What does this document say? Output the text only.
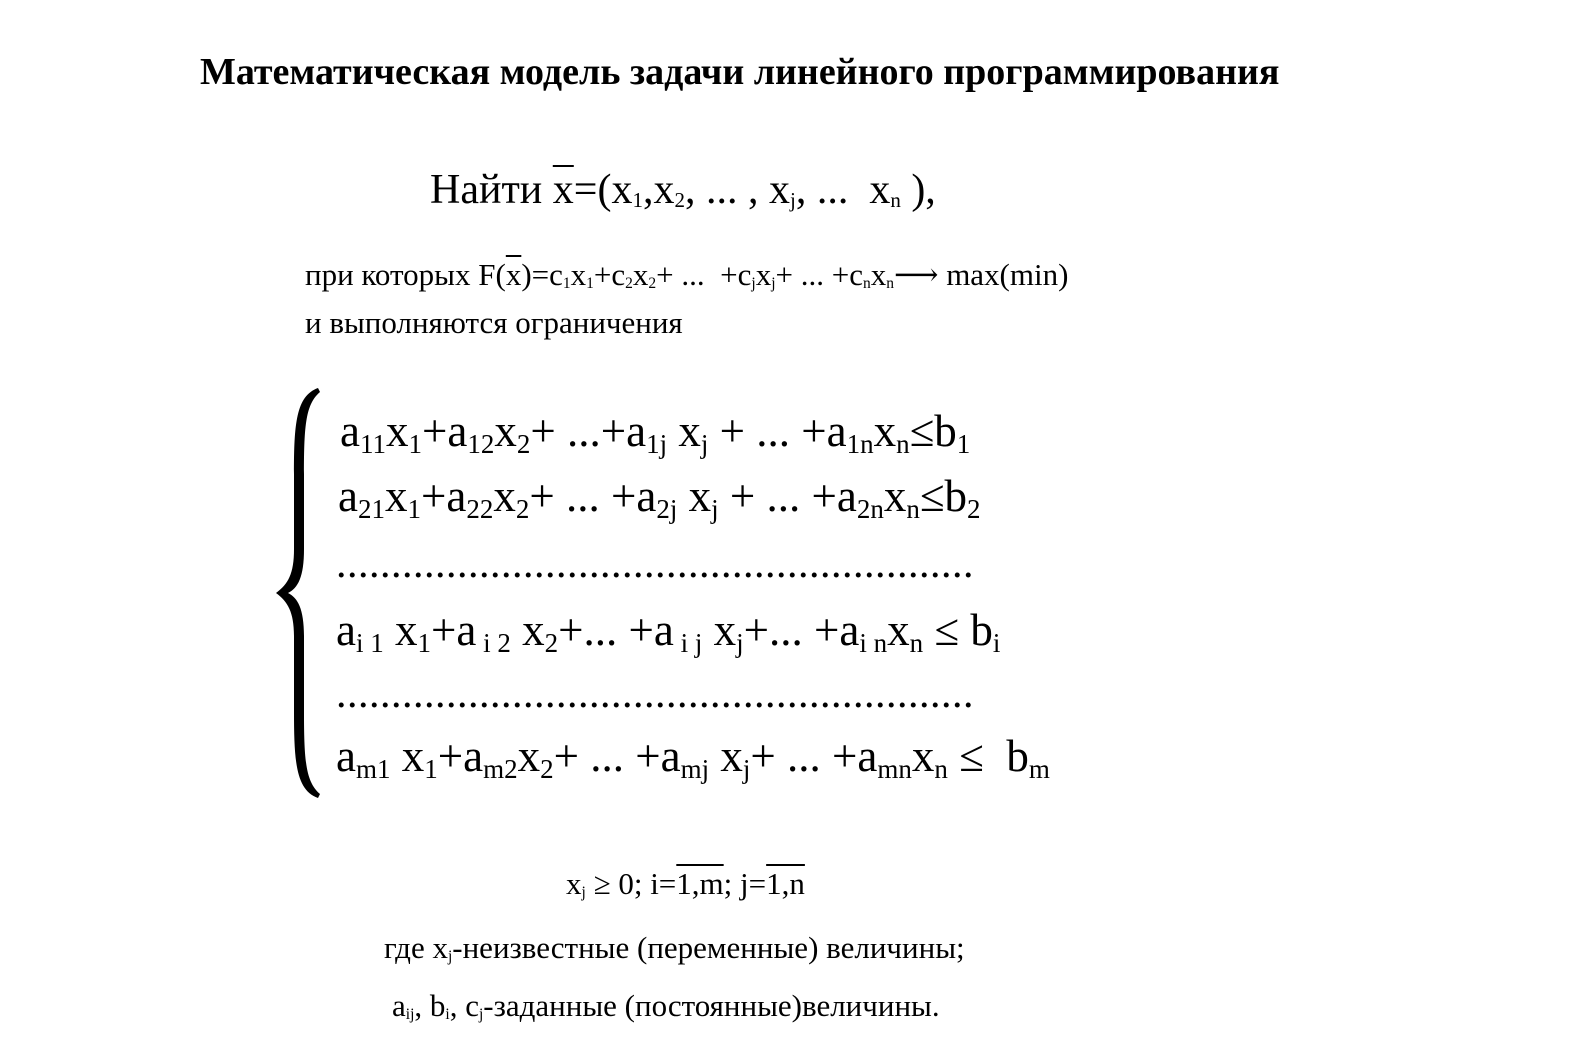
Математическая модель задачи линейного программирования
Найти $\overline{x}=(x_1,x_2$, ... , $x_j$, ...  $x_n$ ),
при которых $F(\overline{x})=c_1x_1+c_2x_2+$ ...  $+c_jx_j+$ ... $+c_nx_n⟶$ max(min)
и выполняются ограничения
$a_{11}x_1+a_{12}x_2+ ...+a_{1j}$ $x_j$ + ... $+a_{1n}x_n\le b_1$
$a_{21}x_1+a_{22}x_2+$ ... $+a_{2j}$ $x_j$ + ... $+a_{2n}x_n\le b_2$
..........................................................
$a_{i 1}$ $x_1+a$ $_{i 2}$ $x_2+$... +a $_{i j}$ $x_j+$... $+a_{i n}x_n \le b_i$
..........................................................
$a_{m1}$ $x_1+a_{m2}x_2+$ ... $+a_{mj}$ $x_j+$ ... $+a_{mn}x_n \le b_m$
$x_j \ge 0$; i=1,m; j=1,n
где $x_j$-неизвестные (переменные) величины;
$a_{ij}$, $b_i$, $c_j$-заданные (постоянные)величины.
